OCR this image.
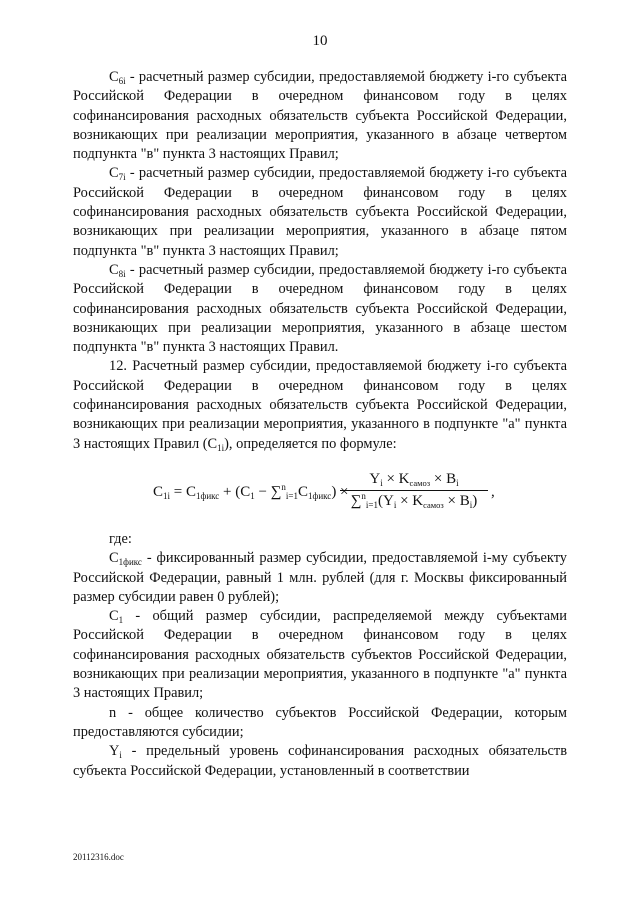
10

$C_{6i}$ - расчетный размер субсидии, предоставляемой бюджету i-го субъекта Российской Федерации в очередном финансовом году в целях софинансирования расходных обязательств субъекта Российской Федерации, возникающих при реализации мероприятия, указанного в абзаце четвертом подпункта "в" пункта 3 настоящих Правил;

$C_{7i}$ - расчетный размер субсидии, предоставляемой бюджету i-го субъекта Российской Федерации в очередном финансовом году в целях софинансирования расходных обязательств субъекта Российской Федерации, возникающих при реализации мероприятия, указанного в абзаце пятом подпункта "в" пункта 3 настоящих Правил;

$C_{8i}$ - расчетный размер субсидии, предоставляемой бюджету i-го субъекта Российской Федерации в очередном финансовом году в целях софинансирования расходных обязательств субъекта Российской Федерации, возникающих при реализации мероприятия, указанного в абзаце шестом подпункта "в" пункта 3 настоящих Правил.

12. Расчетный размер субсидии, предоставляемой бюджету i-го субъекта Российской Федерации в очередном финансовом году в целях софинансирования расходных обязательств субъекта Российской Федерации, возникающих при реализации мероприятия, указанного в подпункте "а" пункта 3 настоящих Правил $(C_{1i})$, определяется по формуле:

$C_{1i} = C_{1фикс} + (C_1 - \sum^n_{i=1}C_{1фикс})$ ×
$Y_i \times K_{самоз} \times B_i$
$\sum^n_{i=1}(Y_i \times K_{самоз} \times B_i)$
,

где:

$C_{1фикс}$ - фиксированный размер субсидии, предоставляемой i-му субъекту Российской Федерации, равный 1 млн. рублей (для г. Москвы фиксированный размер субсидии равен 0 рублей);

$C_1$ - общий размер субсидии, распределяемой между субъектами Российской Федерации в очередном финансовом году в целях софинансирования расходных обязательств субъектов Российской Федерации, возникающих при реализации мероприятия, указанного в подпункте "а" пункта 3 настоящих Правил;

n - общее количество субъектов Российской Федерации, которым предоставляются субсидии;

$Y_i$ - предельный уровень софинансирования расходных обязательств субъекта Российской Федерации, установленный в соответствии

20112316.doc
